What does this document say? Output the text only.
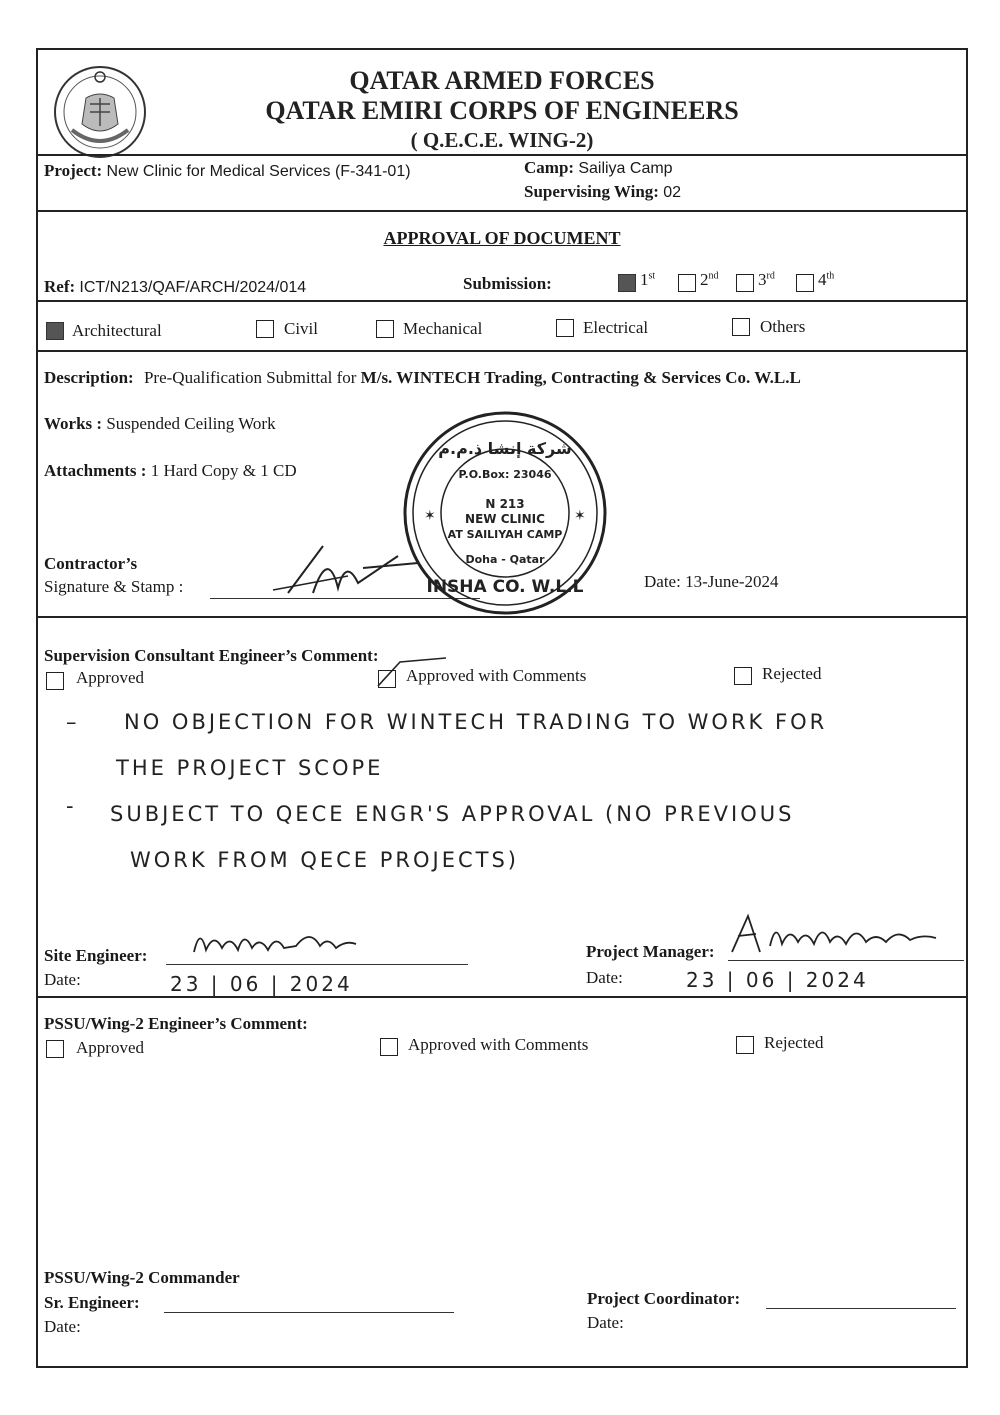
QATAR ARMED FORCES
QATAR EMIRI CORPS OF ENGINEERS
( Q.E.C.E. WING-2)
Project: New Clinic for Medical Services (F-341-01)	Camp: Sailiya Camp
Supervising Wing: 02
APPROVAL OF DOCUMENT
Ref: ICT/N213/QAF/ARCH/2024/014	Submission:	1st	2nd 3rd	4th
Architectural	Civil	Mechanical	Electrical	Others
Description: Pre-Qualification Submittal for M/s. WINTECH Trading, Contracting & Services Co. W.L.L
Works : Suspended Ceiling Work
Attachments : 1 Hard Copy & 1 CD
Contractor’s
Signature & Stamp :
شركة إنشا ذ.م.م
P.O.Box: 23046
N 213
NEW CLINIC
AT SAILIYAH CAMP
Doha - Qatar
INSHA CO. W.L.L
✶	✶
Date: 13-June-2024
Supervision Consultant Engineer’s Comment:
Approved	Approved with Comments	Rejected
– NO OBJECTION FOR WINTECH TRADING TO WORK FOR
THE PROJECT SCOPE
- SUBJECT TO QECE ENGR'S APPROVAL (NO PREVIOUS
WORK FROM QECE PROJECTS)
Site Engineer:
Date:	23 | 06 | 2024
Project Manager:
Date:	23 | 06 | 2024
PSSU/Wing-2 Engineer’s Comment:
Approved	Approved with Comments	Rejected
PSSU/Wing-2 Commander
Sr. Engineer:
Date:
Project Coordinator:
Date:
